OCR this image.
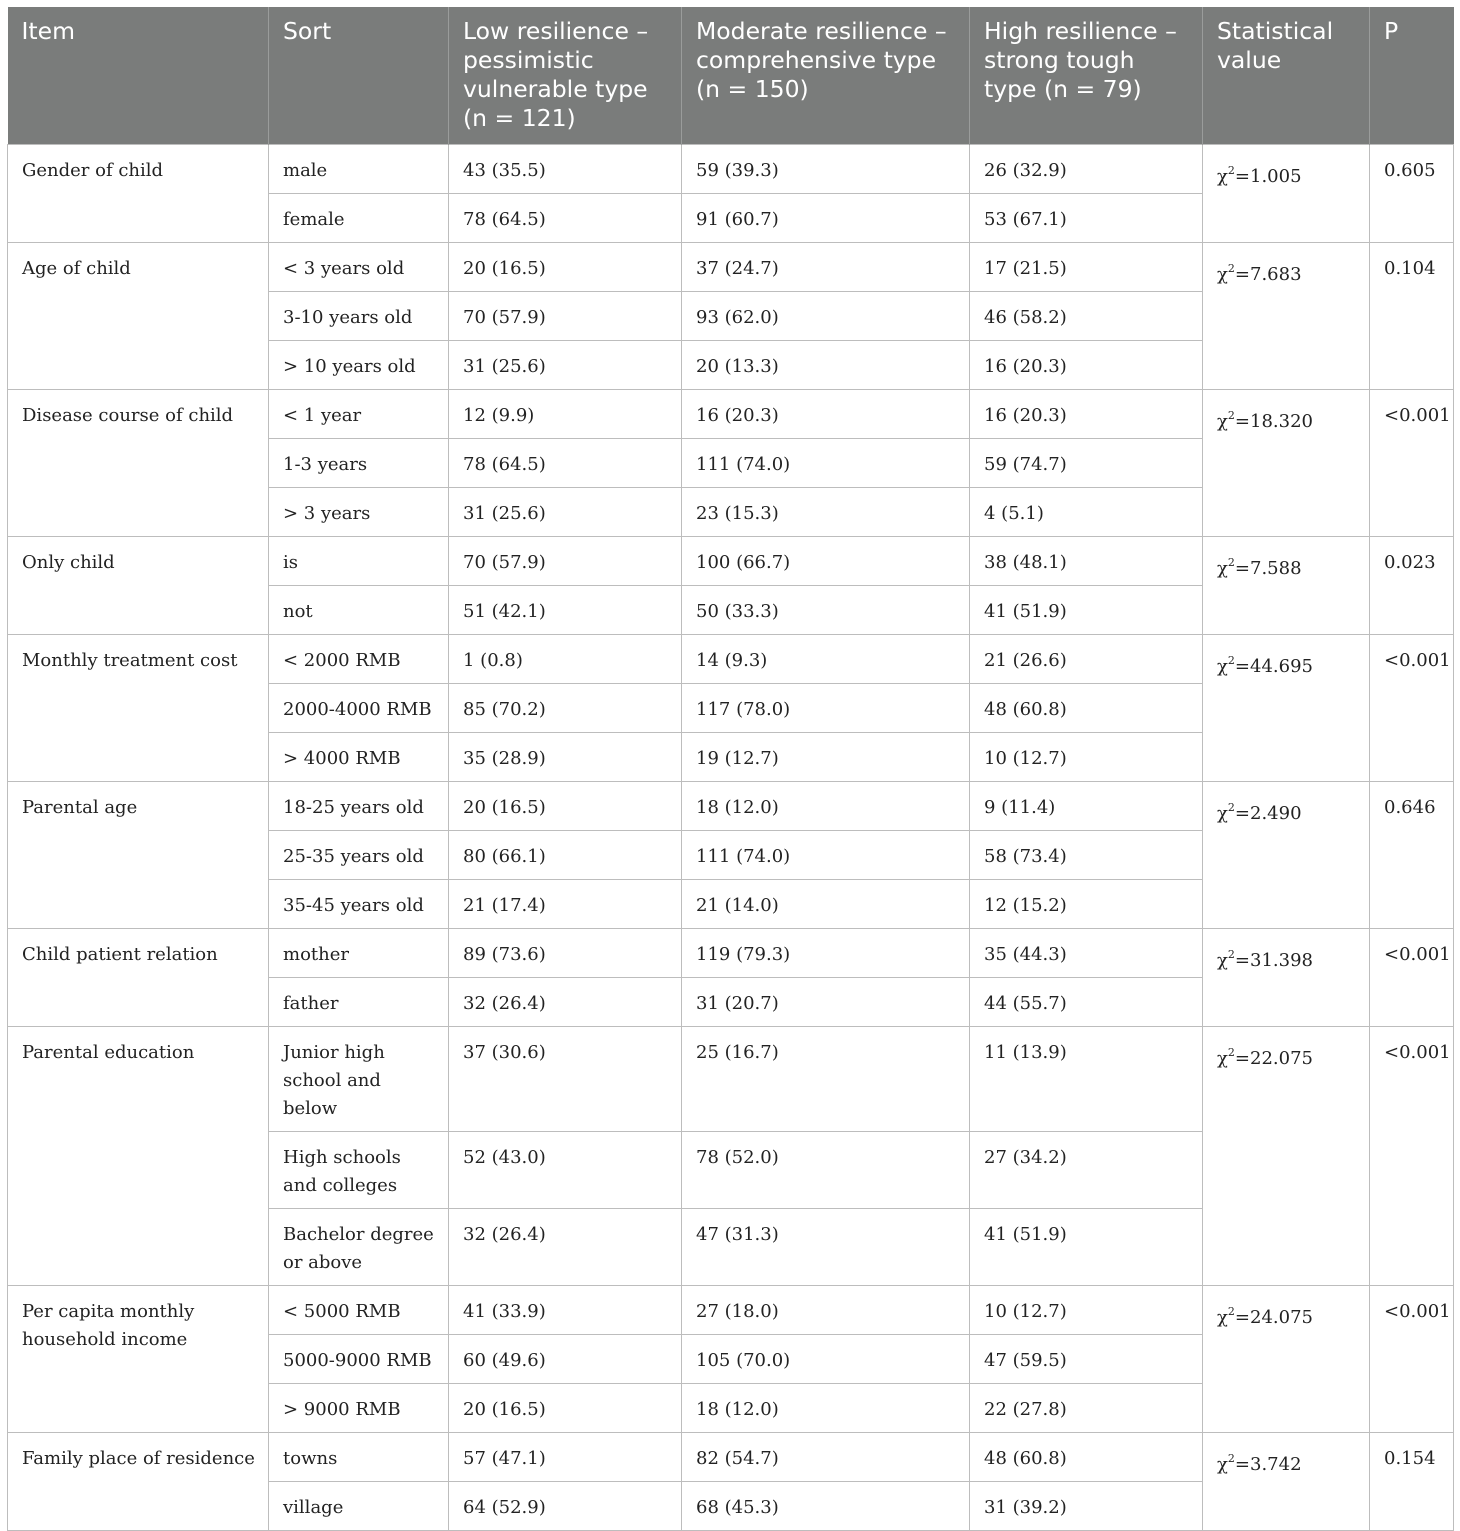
Item	Sort	Low resilience – pessimistic vulnerable type (n = 121)	Moderate resilience – comprehensive type (n = 150)	High resilience – strong tough type (n = 79)	Statistical value	P
Gender of child	male	43 (35.5)	59 (39.3)	26 (32.9)	$\chi^2=1.005$	0.605
	female	78 (64.5)	91 (60.7)	53 (67.1)		
Age of child	< 3 years old	20 (16.5)	37 (24.7)	17 (21.5)	$\chi^2=7.683$	0.104
	3-10 years old	70 (57.9)	93 (62.0)	46 (58.2)		
	> 10 years old	31 (25.6)	20 (13.3)	16 (20.3)		
Disease course of child	< 1 year	12 (9.9)	16 (20.3)	16 (20.3)	$\chi^2=18.320$	<0.001
	1-3 years	78 (64.5)	111 (74.0)	59 (74.7)		
	> 3 years	31 (25.6)	23 (15.3)	4 (5.1)		
Only child	is	70 (57.9)	100 (66.7)	38 (48.1)	$\chi^2=7.588$	0.023
	not	51 (42.1)	50 (33.3)	41 (51.9)		
Monthly treatment cost	< 2000 RMB	1 (0.8)	14 (9.3)	21 (26.6)	$\chi^2=44.695$	<0.001
	2000-4000 RMB	85 (70.2)	117 (78.0)	48 (60.8)		
	> 4000 RMB	35 (28.9)	19 (12.7)	10 (12.7)		
Parental age	18-25 years old	20 (16.5)	18 (12.0)	9 (11.4)	$\chi^2=2.490$	0.646
	25-35 years old	80 (66.1)	111 (74.0)	58 (73.4)		
	35-45 years old	21 (17.4)	21 (14.0)	12 (15.2)		
Child patient relation	mother	89 (73.6)	119 (79.3)	35 (44.3)	$\chi^2=31.398$	<0.001
	father	32 (26.4)	31 (20.7)	44 (55.7)		
Parental education	Junior high school and below	37 (30.6)	25 (16.7)	11 (13.9)	$\chi^2=22.075$	<0.001
	High schools and colleges	52 (43.0)	78 (52.0)	27 (34.2)		
	Bachelor degree or above	32 (26.4)	47 (31.3)	41 (51.9)		
Per capita monthly household income	< 5000 RMB	41 (33.9)	27 (18.0)	10 (12.7)	$\chi^2=24.075$	<0.001
	5000-9000 RMB	60 (49.6)	105 (70.0)	47 (59.5)		
	> 9000 RMB	20 (16.5)	18 (12.0)	22 (27.8)		
Family place of residence	towns	57 (47.1)	82 (54.7)	48 (60.8)	$\chi^2=3.742$	0.154
	village	64 (52.9)	68 (45.3)	31 (39.2)		
